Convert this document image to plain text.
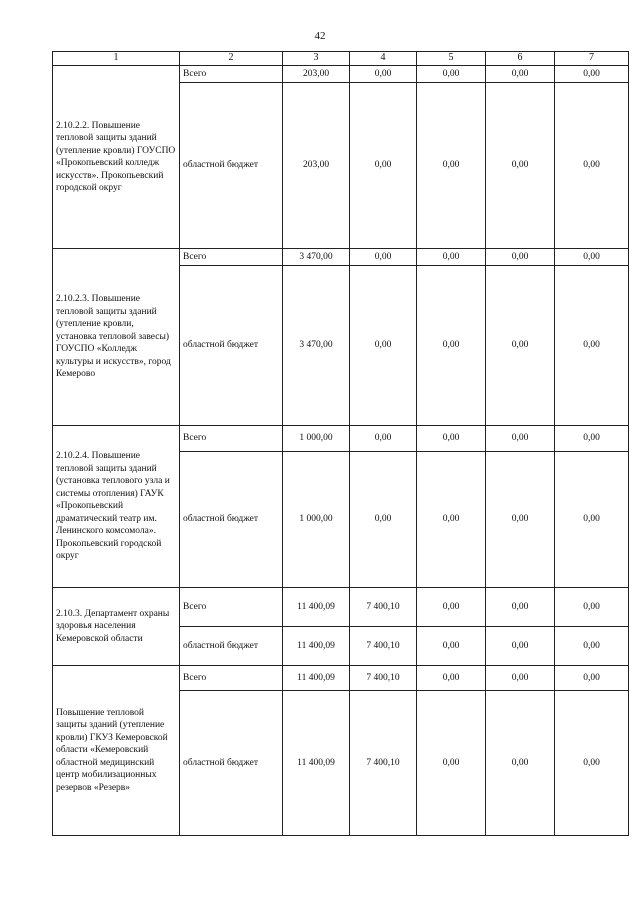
42
1	2	3	4	5	6	7
2.10.2.2. Повышение тепловой защиты зданий (утепление кровли) ГОУСПО «Прокопьевский колледж искусств». Прокопьевский городской округ	Всего	203,00	0,00	0,00	0,00	0,00
	областной бюджет	203,00	0,00	0,00	0,00	0,00
2.10.2.3. Повышение тепловой защиты зданий (утепление кровли, установка тепловой завесы) ГОУСПО «Колледж культуры и искусств», город Кемерово	Всего	3 470,00	0,00	0,00	0,00	0,00
	областной бюджет	3 470,00	0,00	0,00	0,00	0,00
2.10.2.4. Повышение тепловой защиты зданий (установка теплового узла и системы отопления) ГАУК «Прокопьевский драматический театр им. Ленинского комсомола». Прокопьевский городской округ	Всего	1 000,00	0,00	0,00	0,00	0,00
	областной бюджет	1 000,00	0,00	0,00	0,00	0,00
2.10.3. Департамент охраны здоровья населения Кемеровской области	Всего	11 400,09	7 400,10	0,00	0,00	0,00
	областной бюджет	11 400,09	7 400,10	0,00	0,00	0,00
Повышение тепловой защиты зданий (утепление кровли) ГКУЗ Кемеровской области «Кемеровский областной медицинский центр мобилизационных резервов «Резерв»	Всего	11 400,09	7 400,10	0,00	0,00	0,00
	областной бюджет	11 400,09	7 400,10	0,00	0,00	0,00
